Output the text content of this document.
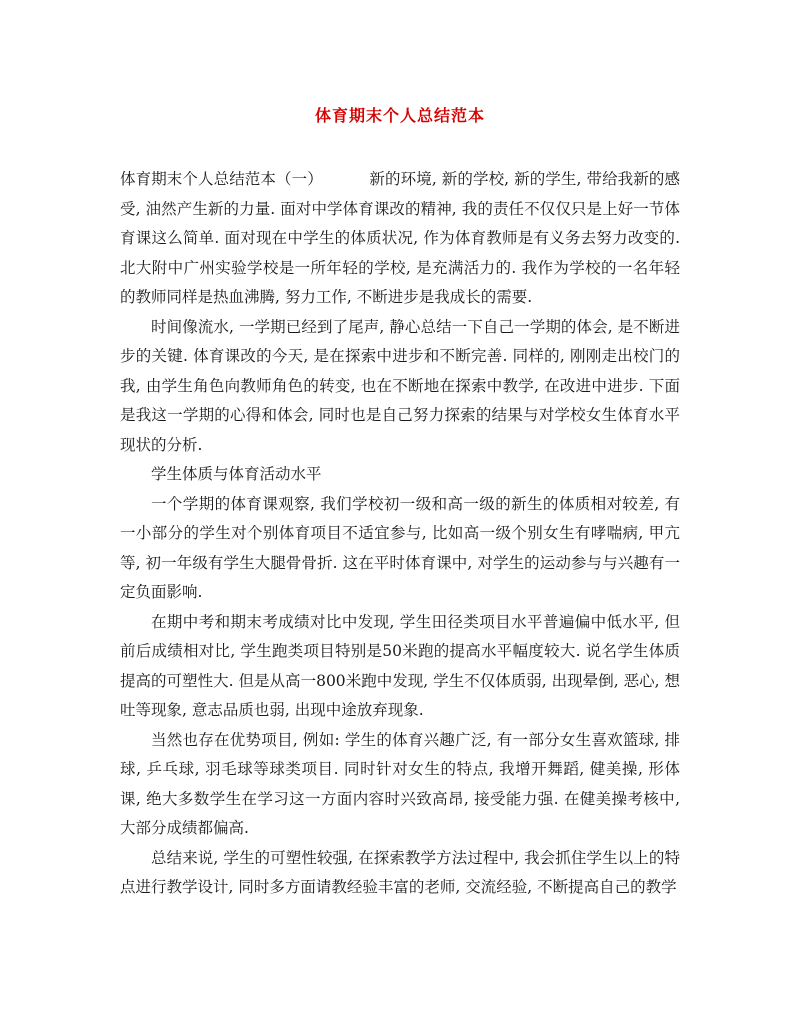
体育期末个人总结范本

体育期末个人总结范本（一）	新的环境, 新的学校, 新的学生, 带给我新的感受, 油然产生新的力量. 面对中学体育课改的精神, 我的责任不仅仅只是上好一节体育课这么简单. 面对现在中学生的体质状况, 作为体育教师是有义务去努力改变的. 北大附中广州实验学校是一所年轻的学校, 是充满活力的. 我作为学校的一名年轻的教师同样是热血沸腾, 努力工作, 不断进步是我成长的需要.

时间像流水, 一学期已经到了尾声, 静心总结一下自己一学期的体会, 是不断进步的关键. 体育课改的今天, 是在探索中进步和不断完善. 同样的, 刚刚走出校门的我, 由学生角色向教师角色的转变, 也在不断地在探索中教学, 在改进中进步. 下面是我这一学期的心得和体会, 同时也是自己努力探索的结果与对学校女生体育水平现状的分析.

学生体质与体育活动水平

一个学期的体育课观察, 我们学校初一级和高一级的新生的体质相对较差, 有一小部分的学生对个别体育项目不适宜参与, 比如高一级个别女生有哮喘病, 甲亢等, 初一年级有学生大腿骨骨折. 这在平时体育课中, 对学生的运动参与与兴趣有一定负面影响.

在期中考和期末考成绩对比中发现, 学生田径类项目水平普遍偏中低水平, 但前后成绩相对比, 学生跑类项目特别是50米跑的提高水平幅度较大. 说名学生体质提高的可塑性大. 但是从高一800米跑中发现, 学生不仅体质弱, 出现晕倒, 恶心, 想吐等现象, 意志品质也弱, 出现中途放弃现象.

当然也存在优势项目, 例如: 学生的体育兴趣广泛, 有一部分女生喜欢篮球, 排球, 乒乓球, 羽毛球等球类项目. 同时针对女生的特点, 我增开舞蹈, 健美操, 形体课, 绝大多数学生在学习这一方面内容时兴致高昂, 接受能力强. 在健美操考核中, 大部分成绩都偏高.

总结来说, 学生的可塑性较强, 在探索教学方法过程中, 我会抓住学生以上的特点进行教学设计, 同时多方面请教经验丰富的老师, 交流经验, 不断提高自己的教学
